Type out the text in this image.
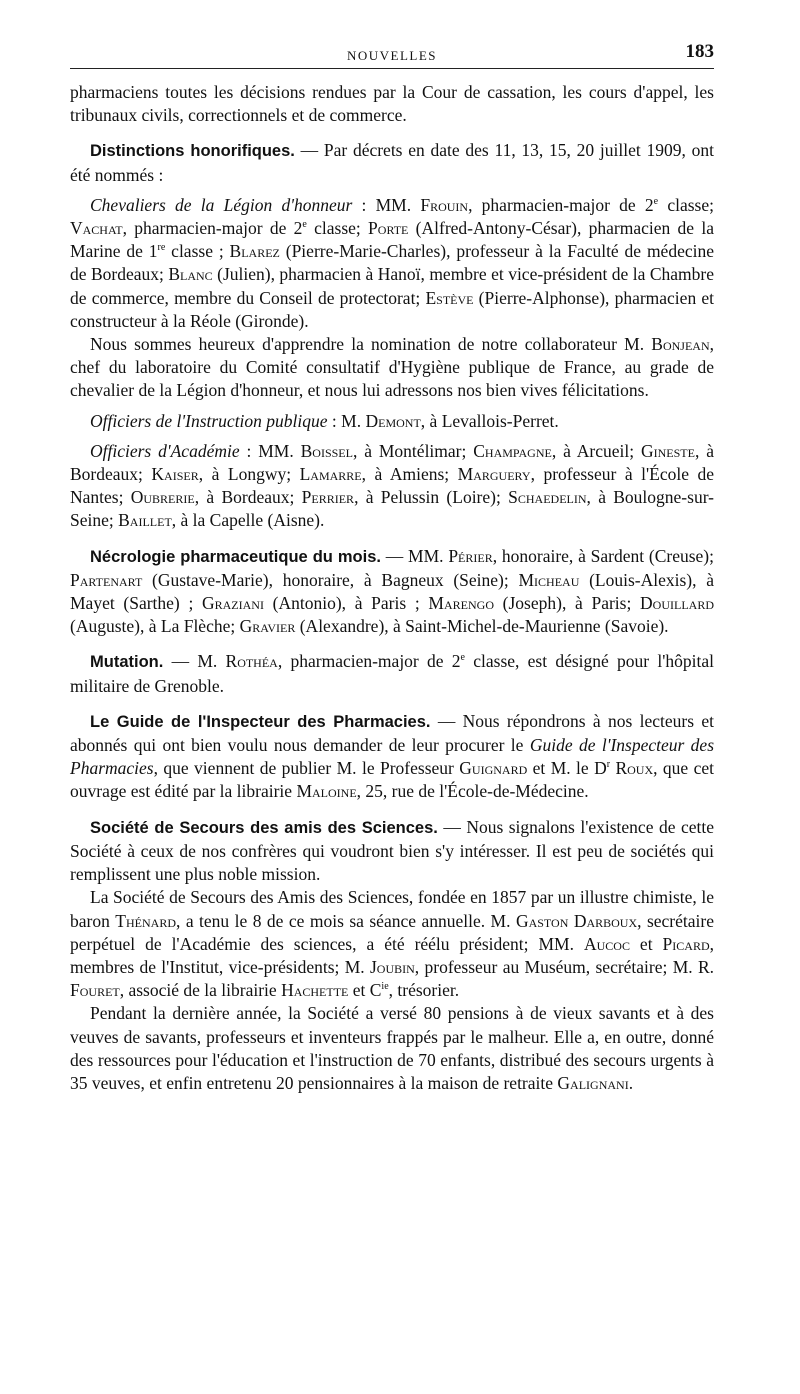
NOUVELLES	183

pharmaciens toutes les décisions rendues par la Cour de cassation, les cours d'appel, les tribunaux civils, correctionnels et de commerce.

Distinctions honorifiques. — Par décrets en date des 11, 13, 15, 20 juillet 1909, ont été nommés :

Chevaliers de la Légion d'honneur : MM. Frouin, pharmacien-major de 2e classe; Vachat, pharmacien-major de 2e classe; Porte (Alfred-Antony-César), pharmacien de la Marine de 1re classe ; Blarez (Pierre-Marie-Charles), professeur à la Faculté de médecine de Bordeaux; Blanc (Julien), pharmacien à Hanoï, membre et vice-président de la Chambre de commerce, membre du Conseil de protectorat; Estève (Pierre-Alphonse), pharmacien et constructeur à la Réole (Gironde).

Nous sommes heureux d'apprendre la nomination de notre collaborateur M. Bonjean, chef du laboratoire du Comité consultatif d'Hygiène publique de France, au grade de chevalier de la Légion d'honneur, et nous lui adressons nos bien vives félicitations.

Officiers de l'Instruction publique : M. Demont, à Levallois-Perret.

Officiers d'Académie : MM. Boissel, à Montélimar; Champagne, à Arcueil; Gineste, à Bordeaux; Kaiser, à Longwy; Lamarre, à Amiens; Marguery, professeur à l'École de Nantes; Oubrerie, à Bordeaux; Perrier, à Pelussin (Loire); Schaedelin, à Boulogne-sur-Seine; Baillet, à la Capelle (Aisne).

Nécrologie pharmaceutique du mois. — MM. Périer, honoraire, à Sardent (Creuse); Partenart (Gustave-Marie), honoraire, à Bagneux (Seine); Micheau (Louis-Alexis), à Mayet (Sarthe) ; Graziani (Antonio), à Paris ; Marengo (Joseph), à Paris; Douillard (Auguste), à La Flèche; Gravier (Alexandre), à Saint-Michel-de-Maurienne (Savoie).

Mutation. — M. Rothéa, pharmacien-major de 2e classe, est désigné pour l'hôpital militaire de Grenoble.

Le Guide de l'Inspecteur des Pharmacies. — Nous répondrons à nos lecteurs et abonnés qui ont bien voulu nous demander de leur procurer le Guide de l'Inspecteur des Pharmacies, que viennent de publier M. le Professeur Guignard et M. le $D^r$ Roux, que cet ouvrage est édité par la librairie Maloine, 25, rue de l'École-de-Médecine.

Société de Secours des amis des Sciences. — Nous signalons l'existence de cette Société à ceux de nos confrères qui voudront bien s'y intéresser. Il est peu de sociétés qui remplissent une plus noble mission.

La Société de Secours des Amis des Sciences, fondée en 1857 par un illustre chimiste, le baron Thénard, a tenu le 8 de ce mois sa séance annuelle. M. Gaston Darboux, secrétaire perpétuel de l'Académie des sciences, a été réélu président; MM. Aucoc et Picard, membres de l'Institut, vice-présidents; M. Joubin, professeur au Muséum, secrétaire; M. R. Fouret, associé de la librairie Hachette et $C^{ie}$, trésorier.

Pendant la dernière année, la Société a versé 80 pensions à de vieux savants et à des veuves de savants, professeurs et inventeurs frappés par le malheur. Elle a, en outre, donné des ressources pour l'éducation et l'instruction de 70 enfants, distribué des secours urgents à 35 veuves, et enfin entretenu 20 pensionnaires à la maison de retraite Galignani.
